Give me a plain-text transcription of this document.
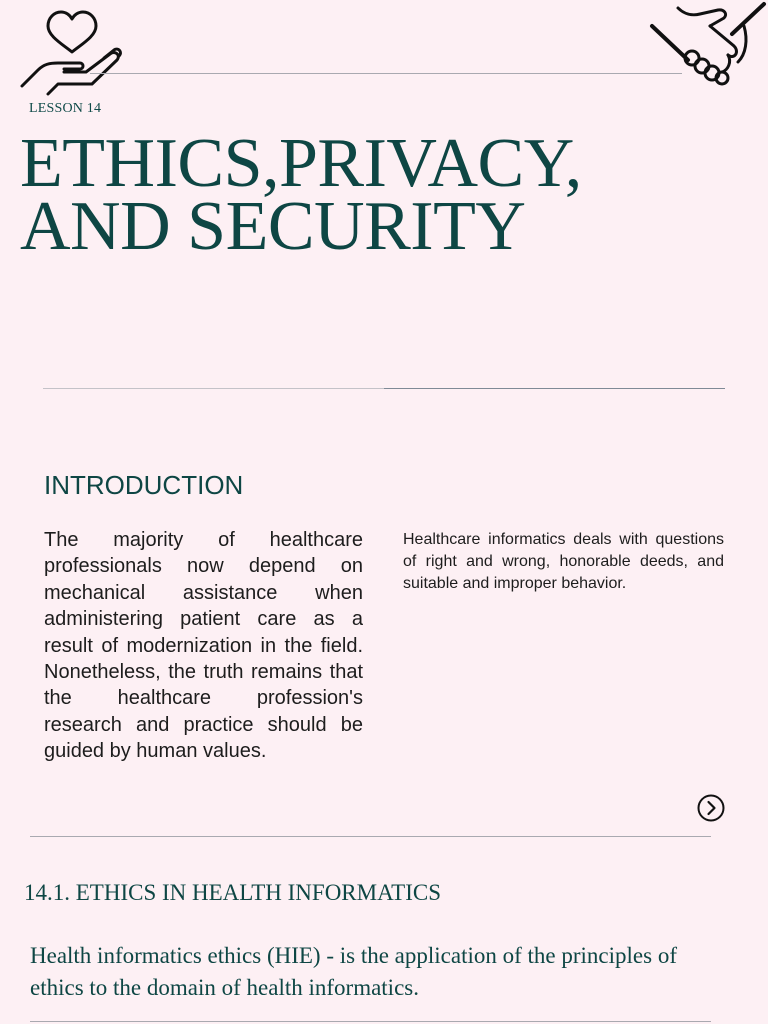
LESSON 14
ETHICS,PRIVACY,
AND SECURITY
INTRODUCTION

The majority of healthcare professionals now depend on mechanical assistance when administering patient care as a result of modernization in the field. Nonetheless, the truth remains that the healthcare profession's research and practice should be guided by human values.

Healthcare informatics deals with questions of right and wrong, honorable deeds, and suitable and improper behavior.

14.1. ETHICS IN HEALTH INFORMATICS

Health informatics ethics (HIE) - is the application of the principles of ethics to the domain of health informatics.
